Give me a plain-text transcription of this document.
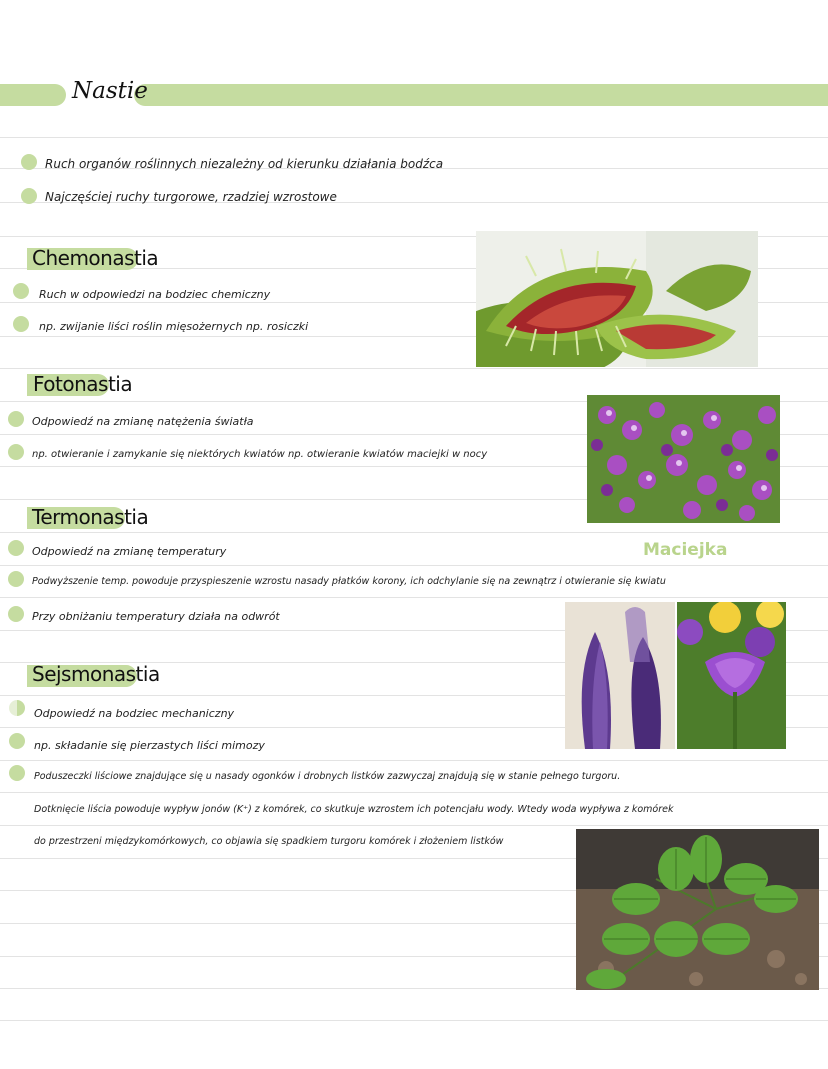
Nastie
Ruch organów roślinnych niezależny od kierunku działania bodźca
Najczęściej ruchy turgorowe, rzadziej wzrostowe
Chemonastia
Ruch w odpowiedzi na bodziec chemiczny
np. zwijanie liści roślin mięsożernych np. rosiczki
Fotonastia
Odpowiedź na zmianę natężenia światła
np. otwieranie i zamykanie się niektórych kwiatów np. otwieranie kwiatów maciejki w nocy
Termonastia
Odpowiedź na zmianę temperatury	Maciejka
Podwyższenie temp. powoduje przyspieszenie wzrostu nasady płatków korony, ich odchylanie się na zewnątrz i otwieranie się kwiatu
Przy obniżaniu temperatury działa na odwrót
Sejsmonastia
Odpowiedź na bodziec mechaniczny
np. składanie się pierzastych liści mimozy
Poduszeczki liściowe znajdujące się u nasady ogonków i drobnych listków zazwyczaj znajdują się w stanie pełnego turgoru.
Dotknięcie liścia powoduje wypływ jonów (K⁺) z komórek, co skutkuje wzrostem ich potencjału wody. Wtedy woda wypływa z komórek
do przestrzeni międzykomórkowych, co objawia się spadkiem turgoru komórek i złożeniem listków
